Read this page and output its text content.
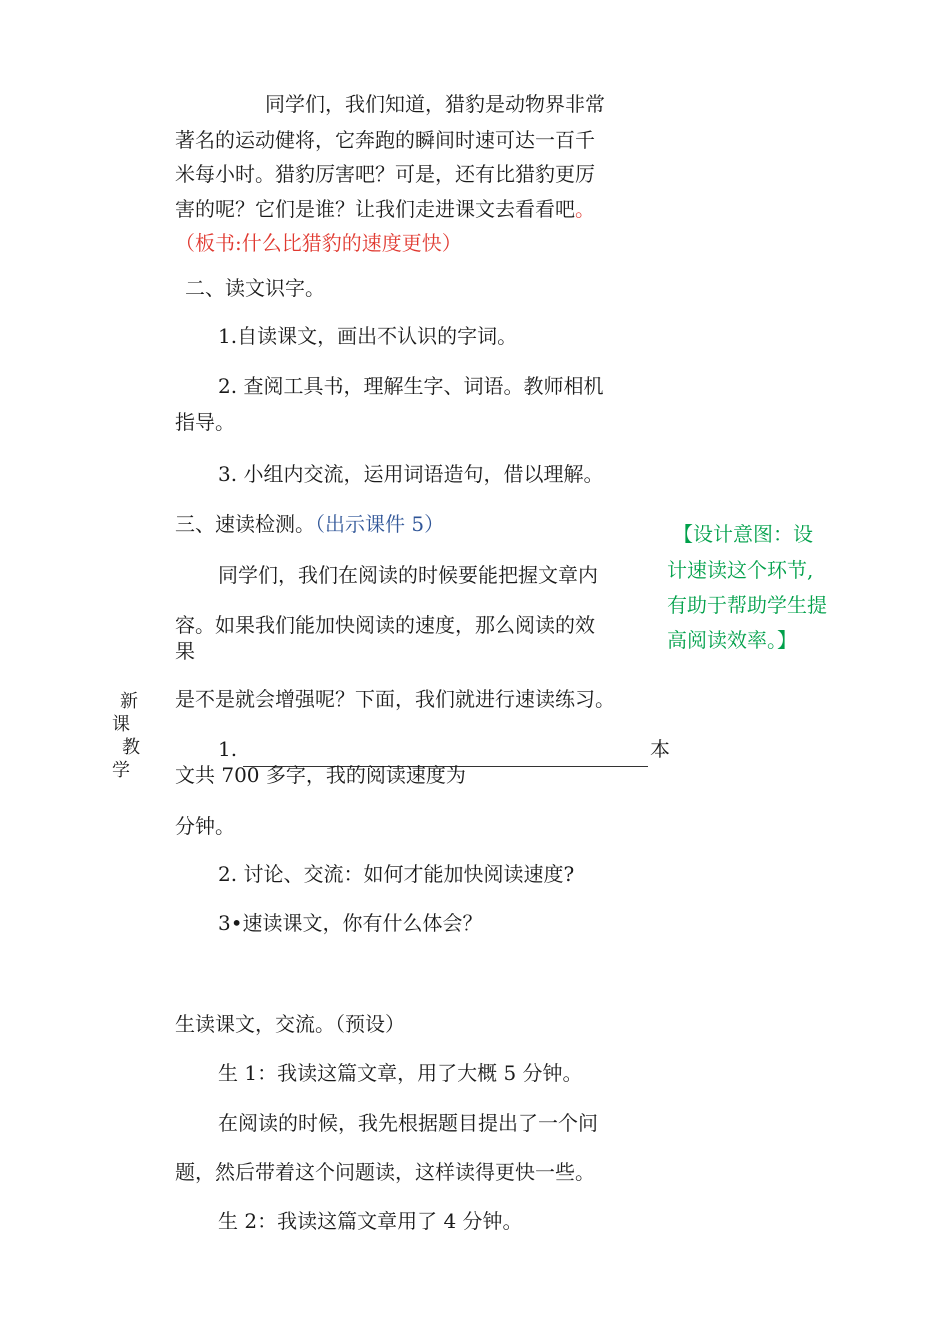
同学们，我们知道，猎豹是动物界非常
著名的运动健将，它奔跑的瞬间时速可达一百千
米每小时。猎豹厉害吧？可是，还有比猎豹更厉
害的呢？它们是谁？让我们走进课文去看看吧。
（板书:什么比猎豹的速度更快）
二、读文识字。
1.自读课文，画出不认识的字词。
2. 查阅工具书，理解生字、词语。教师相机
指导。
3. 小组内交流，运用词语造句，借以理解。
三、速读检测。（出示课件 5）
同学们，我们在阅读的时候要能把握文章内
容。如果我们能加快阅读的速度，那么阅读的效
果
是不是就会增强呢？下面，我们就进行速读练习。
1.	本
文共 700 多字，我的阅读速度为
分钟。
2. 讨论、交流：如何才能加快阅读速度?
3•速读课文，你有什么体会？
新
课
教
学
【设计意图：设
计速读这个环节,
有助于帮助学生提
高阅读效率。】
生读课文，交流。（预设）
生 1：我读这篇文章，用了大概 5 分钟。
在阅读的时候，我先根据题目提出了一个问
题，然后带着这个问题读，这样读得更快一些。
生 2：我读这篇文章用了 4 分钟。
